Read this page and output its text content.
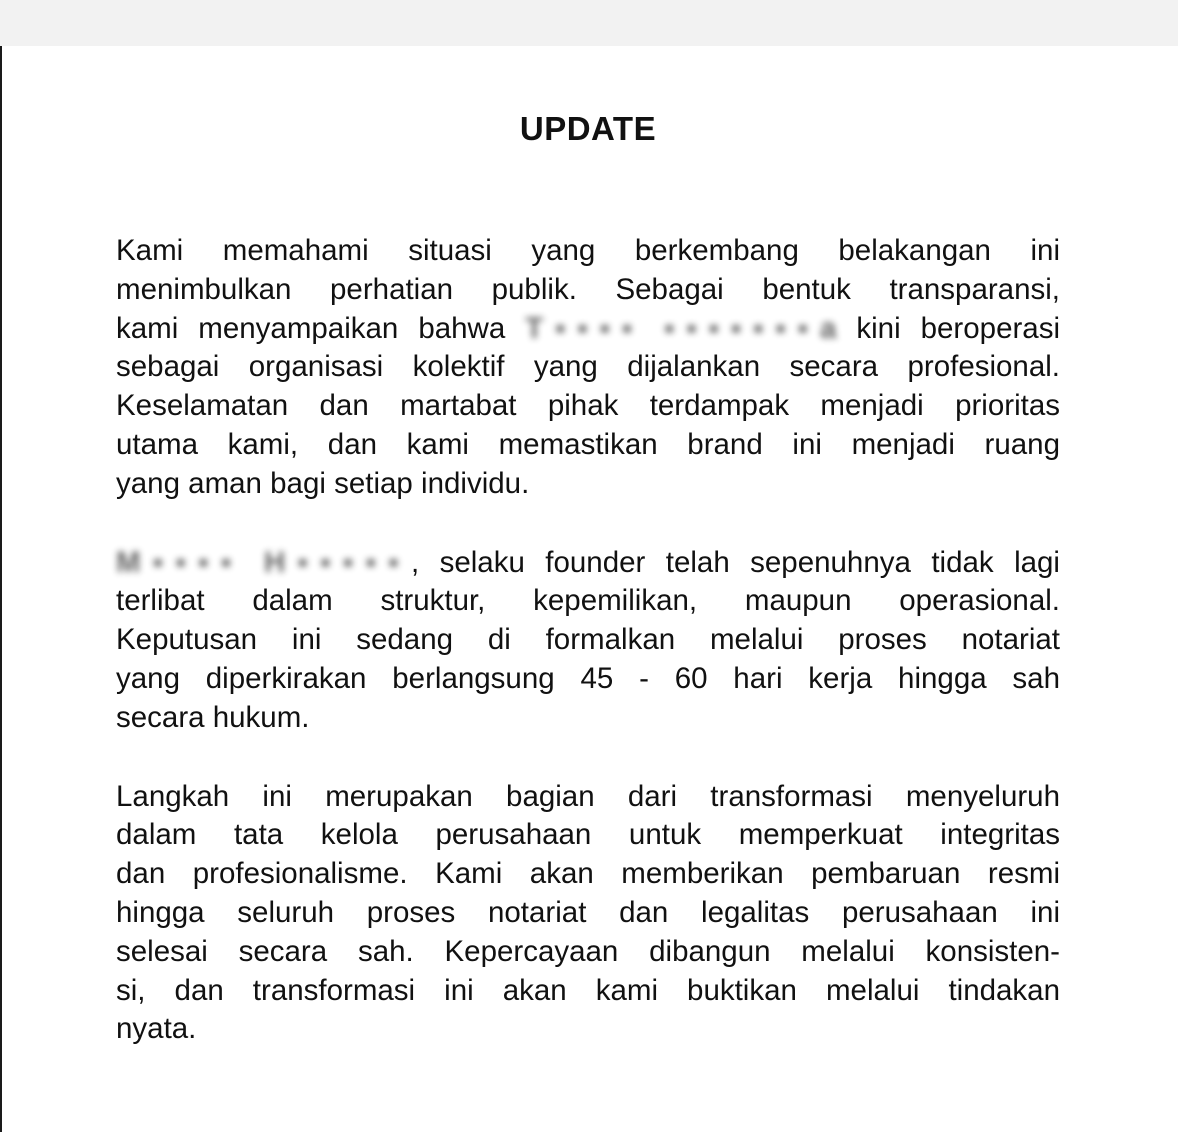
UPDATE

Kami memahami situasi yang berkembang belakangan ini
menimbulkan perhatian publik. Sebagai bentuk transparansi,
kami menyampaikan bahwa T▪▪▪▪ ▪▪▪▪▪▪▪a kini beroperasi
sebagai organisasi kolektif yang dijalankan secara profesional.
Keselamatan dan martabat pihak terdampak menjadi prioritas
utama kami, dan kami memastikan brand ini menjadi ruang
yang aman bagi setiap individu.

M▪▪▪▪ H▪▪▪▪▪, selaku founder telah sepenuhnya tidak lagi
terlibat dalam struktur, kepemilikan, maupun operasional.
Keputusan ini sedang di formalkan melalui proses notariat
yang diperkirakan berlangsung 45 - 60 hari kerja hingga sah
secara hukum.

Langkah ini merupakan bagian dari transformasi menyeluruh
dalam tata kelola perusahaan untuk memperkuat integritas
dan profesionalisme. Kami akan memberikan pembaruan resmi
hingga seluruh proses notariat dan legalitas perusahaan ini
selesai secara sah. Kepercayaan dibangun melalui konsisten-
si, dan transformasi ini akan kami buktikan melalui tindakan
nyata.
